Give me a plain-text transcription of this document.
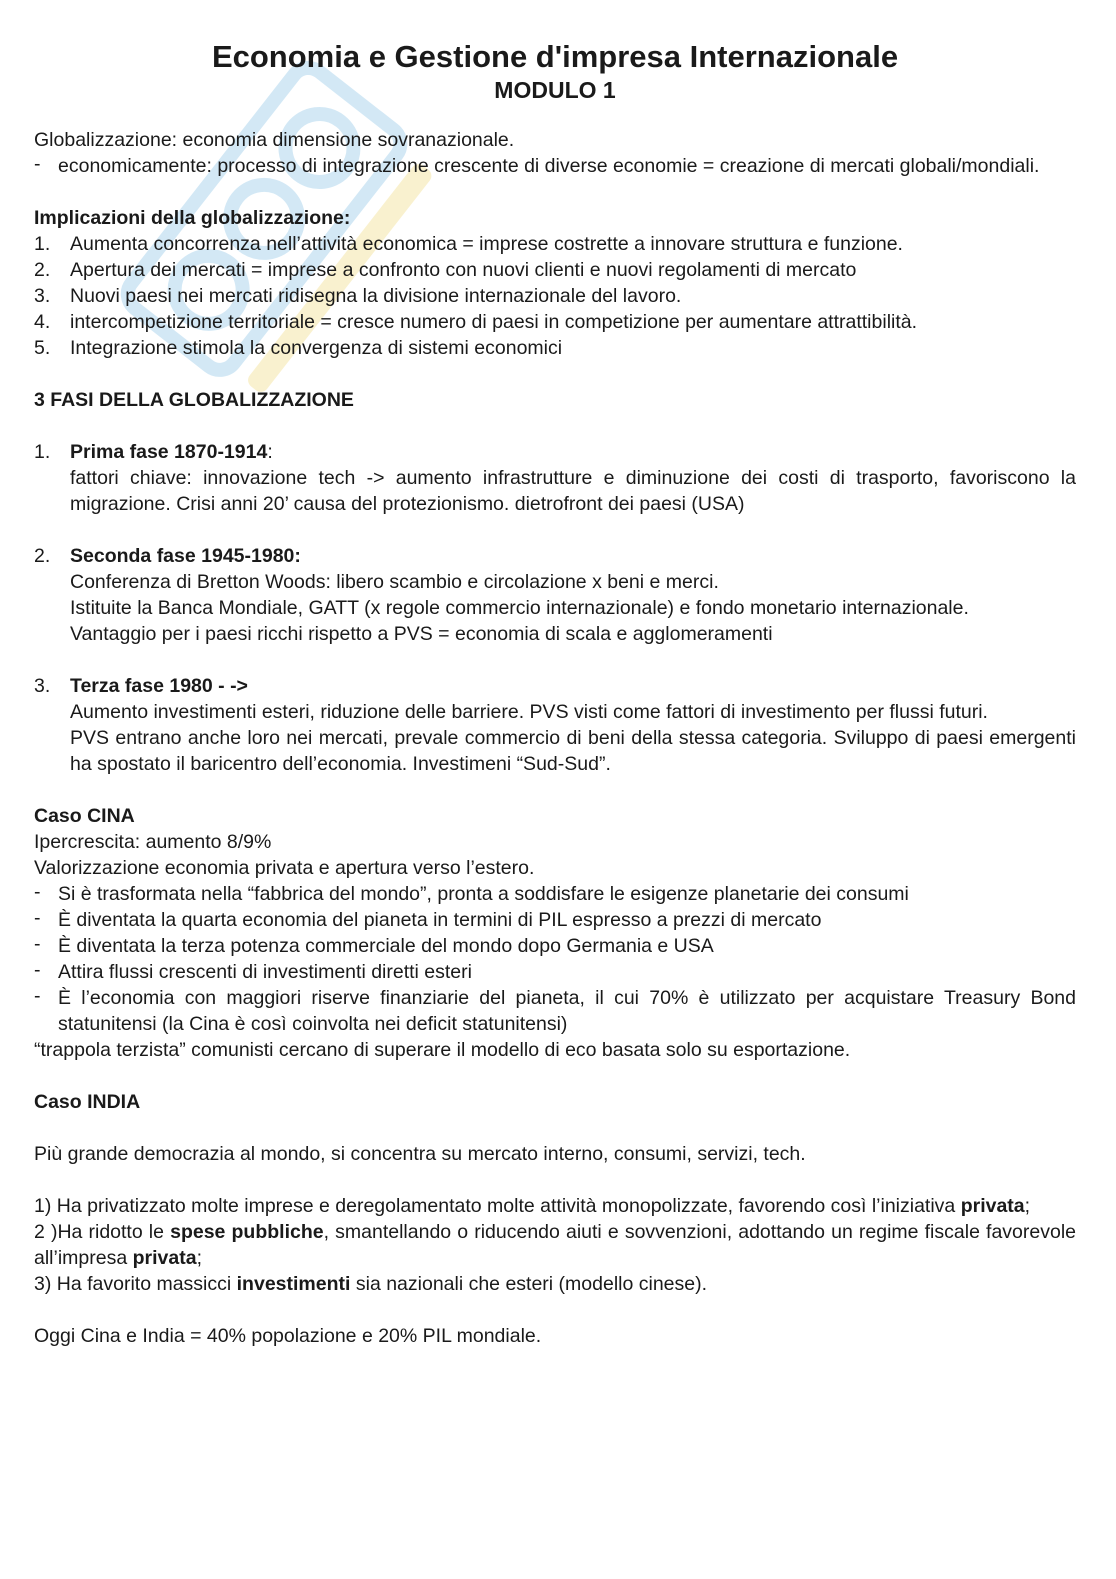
Economia e Gestione d'impresa Internazionale
MODULO 1

Globalizzazione: economia dimensione sovranazionale.

- economicamente: processo di integrazione crescente di diverse economie = creazione di mercati globali/mondiali.

Implicazioni della globalizzazione:

1. Aumenta concorrenza nell’attività economica = imprese costrette a innovare struttura e funzione.
2. Apertura dei mercati = imprese a confronto con nuovi clienti e nuovi regolamenti di mercato
3. Nuovi paesi nei mercati ridisegna la divisione internazionale del lavoro.
4. intercompetizione territoriale = cresce numero di paesi in competizione per aumentare attrattibilità.
5. Integrazione stimola la convergenza di sistemi economici

3 FASI DELLA GLOBALIZZAZIONE

1. Prima fase 1870-1914:
fattori chiave: innovazione tech -> aumento infrastrutture e diminuzione dei costi di trasporto, favoriscono la migrazione. Crisi anni 20’ causa del protezionismo. dietrofront dei paesi (USA)
2. Seconda fase 1945-1980:
Conferenza di Bretton Woods: libero scambio e circolazione x beni e merci.
Istituite la Banca Mondiale, GATT (x regole commercio internazionale) e fondo monetario internazionale.
Vantaggio per i paesi ricchi rispetto a PVS = economia di scala e agglomeramenti
3. Terza fase 1980 - ->
Aumento investimenti esteri, riduzione delle barriere. PVS visti come fattori di investimento per flussi futuri.
PVS entrano anche loro nei mercati, prevale commercio di beni della stessa categoria. Sviluppo di paesi emergenti ha spostato il baricentro dell’economia. Investimeni “Sud-Sud”.

Caso CINA

Ipercrescita: aumento 8/9%

Valorizzazione economia privata e apertura verso l’estero.

- Si è trasformata nella “fabbrica del mondo”, pronta a soddisfare le esigenze planetarie dei consumi
- È diventata la quarta economia del pianeta in termini di PIL espresso a prezzi di mercato
- È diventata la terza potenza commerciale del mondo dopo Germania e USA
- Attira flussi crescenti di investimenti diretti esteri
- È l’economia con maggiori riserve finanziarie del pianeta, il cui 70% è utilizzato per acquistare Treasury Bond statunitensi (la Cina è così coinvolta nei deficit statunitensi)

“trappola terzista” comunisti cercano di superare il modello di eco basata solo su esportazione.

Caso INDIA

Più grande democrazia al mondo, si concentra su mercato interno, consumi, servizi, tech.

1) Ha privatizzato molte imprese e deregolamentato molte attività monopolizzate, favorendo così l’iniziativa privata;

2 )Ha ridotto le spese pubbliche, smantellando o riducendo aiuti e sovvenzioni, adottando un regime fiscale favorevole all’impresa privata;

3) Ha favorito massicci investimenti sia nazionali che esteri (modello cinese).

Oggi Cina e India = 40% popolazione e 20% PIL mondiale.
